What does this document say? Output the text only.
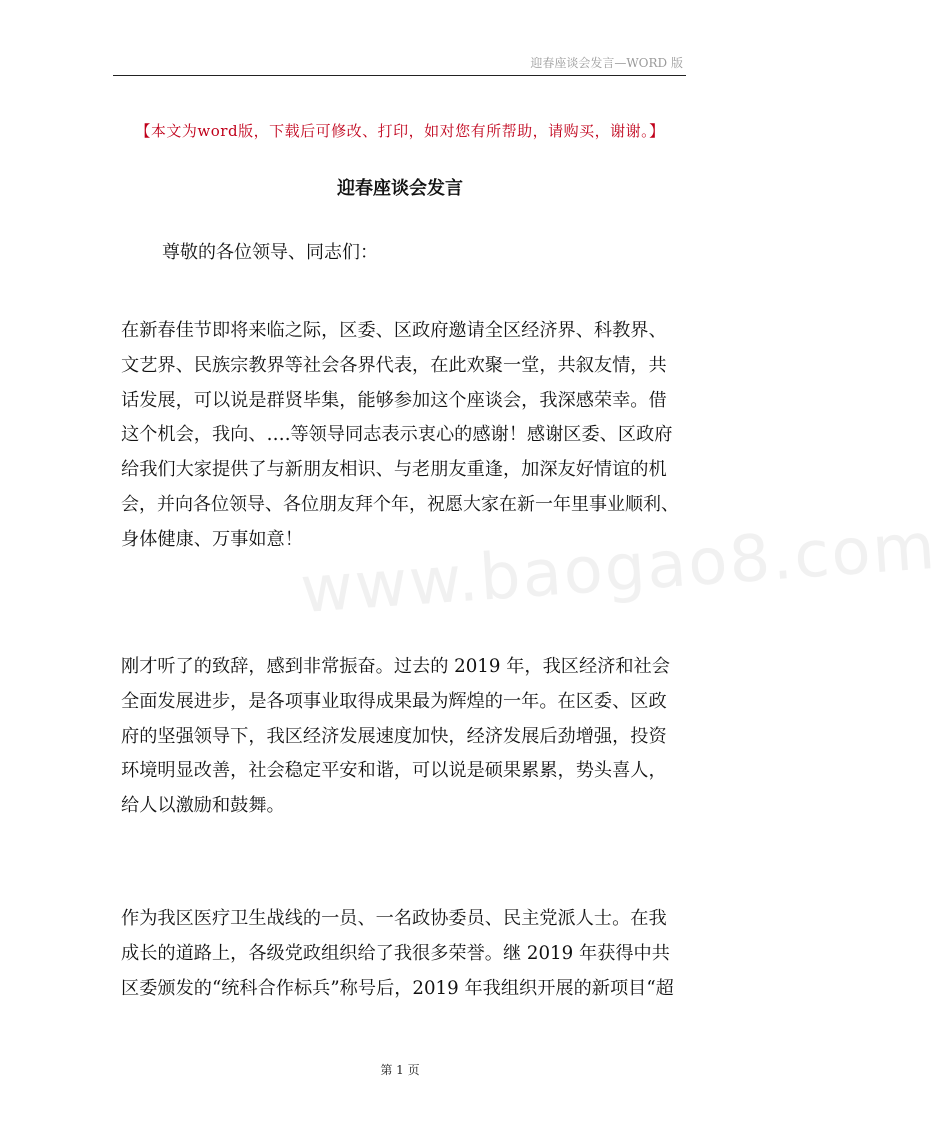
迎春座谈会发言—WORD 版
【本文为word版，下载后可修改、打印，如对您有所帮助，请购买，谢谢。】
迎春座谈会发言
尊敬的各位领导、同志们：
www.baogao8.com
在新春佳节即将来临之际，区委、区政府邀请全区经济界、科教界、
文艺界、民族宗教界等社会各界代表，在此欢聚一堂，共叙友情，共
话发展，可以说是群贤毕集，能够参加这个座谈会，我深感荣幸。借
这个机会，我向、….等领导同志表示衷心的感谢！感谢区委、区政府
给我们大家提供了与新朋友相识、与老朋友重逢，加深友好情谊的机
会，并向各位领导、各位朋友拜个年，祝愿大家在新一年里事业顺利、
身体健康、万事如意！
刚才听了的致辞，感到非常振奋。过去的 2019 年，我区经济和社会
全面发展进步，是各项事业取得成果最为辉煌的一年。在区委、区政
府的坚强领导下，我区经济发展速度加快，经济发展后劲增强，投资
环境明显改善，社会稳定平安和谐，可以说是硕果累累，势头喜人，
给人以激励和鼓舞。
作为我区医疗卫生战线的一员、一名政协委员、民主党派人士。在我
成长的道路上，各级党政组织给了我很多荣誉。继 2019 年获得中共
区委颁发的“统科合作标兵”称号后，2019 年我组织开展的新项目“超
第 1 页
